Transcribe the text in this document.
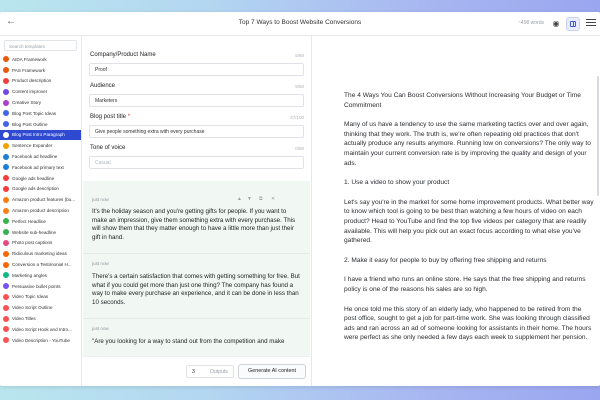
←	Top 7 Ways to Boost Website Conversions	~498 words	◉
Search templates
AIDA Framework
PAS Framework
Product description
Content improver
Creative Story
Blog Post Topic Ideas
Blog Post Outline
Blog Post Intro Paragraph
Sentence Expander
Facebook ad headline
Facebook ad primary text
Google ads headline
Google ads description
Amazon product features (bu...
Amazon product description
Perfect Headline
Website sub-headline
Photo post captions
Ridiculous marketing ideas
Conversion a Testimonial H...
Marketing angles
Persuasive bullet points
Video Topic Ideas
Video Script Outline
Video Titles
Video Script Hook and Intro...
Video Description - YouTube
Company/Product Name	5/50
Proof
Audience	9/50
Marketers
Blog post title *	47/100
Give people something extra with every purchase
Tone of voice	0/50
Casual
just now	▲ ▼ ⧉ ✕
It's the holiday season and you're getting gifts for people. If you want to make an impression, give them something extra with every purchase. This will show them that they matter enough to have a little more than just their gift in hand.
just now
There's a certain satisfaction that comes with getting something for free. But what if you could get more than just one thing? The company has found a way to make every purchase an experience, and it can be done in less than 10 seconds.
just now
"Are you looking for a way to stand out from the competition and make
3	Outputs	Generate AI content

The 4 Ways You Can Boost Conversions Without Increasing Your Budget or Time Commitment

Many of us have a tendency to use the same marketing tactics over and over again, thinking that they work. The truth is, we're often repeating old practices that don't actually produce any results anymore. Running low on conversions? The only way to maintain your current conversion rate is by improving the quality and design of your ads.

1. Use a video to show your product

Let's say you're in the market for some home improvement products. What better way to know which tool is going to be best than watching a few hours of video on each product? Head to YouTube and find the top five videos per category that are readily available. This will help you pick out an exact focus according to what else you've gathered.

2. Make it easy for people to buy by offering free shipping and returns

I have a friend who runs an online store. He says that the free shipping and returns policy is one of the reasons his sales are so high.

He once told me this story of an elderly lady, who happened to be retired from the post office, sought to get a job for part-time work. She was looking through classified ads and ran across an ad of someone looking for assistants in their home. The hours were perfect as she only needed a few days each week to supplement her pension.
